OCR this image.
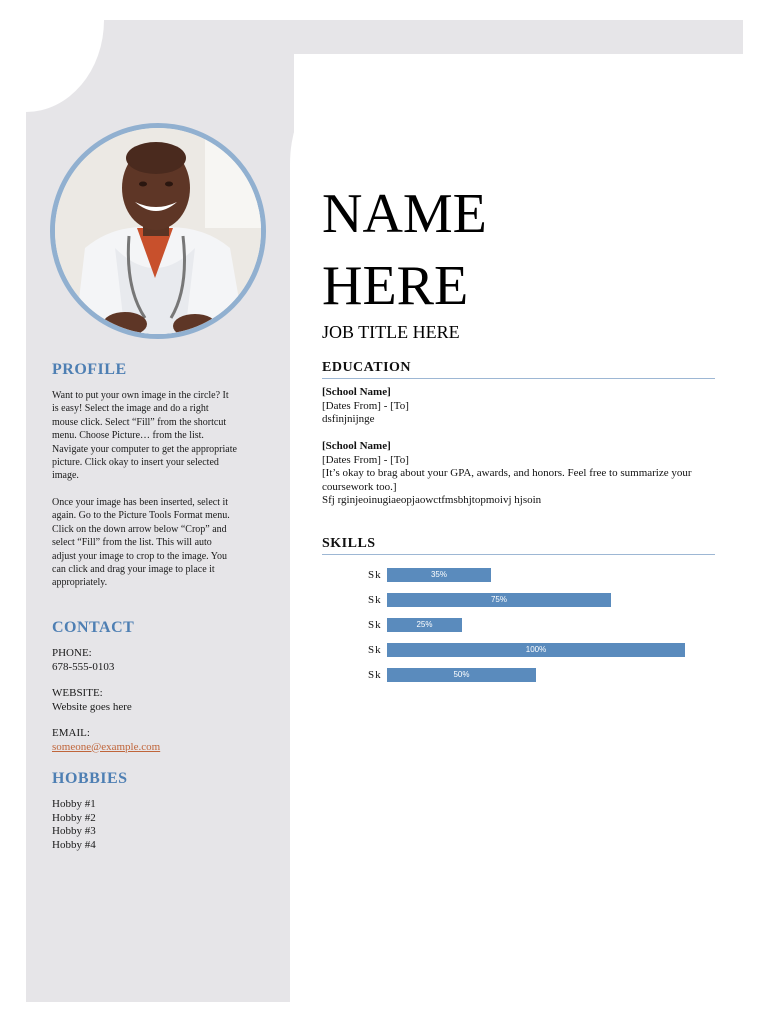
PROFILE
Want to put your own image in the circle? It
is easy! Select the image and do a right
mouse click. Select “Fill” from the shortcut
menu. Choose Picture… from the list.
Navigate your computer to get the appropriate
picture. Click okay to insert your selected
image.
Once your image has been inserted, select it
again. Go to the Picture Tools Format menu.
Click on the down arrow below “Crop” and
select “Fill” from the list. This will auto
adjust your image to crop to the image. You
can click and drag your image to place it
appropriately.
CONTACT
PHONE:
678-555-0103
WEBSITE:
Website goes here
EMAIL:
someone@example.com
HOBBIES
Hobby #1
Hobby #2
Hobby #3
Hobby #4
NAME
HERE
JOB TITLE HERE
EDUCATION
[School Name]
[Dates From] - [To]
dsfinjnijnge
[School Name]
[Dates From] - [To]
[It’s okay to brag about your GPA, awards, and honors. Feel free to summarize your
coursework too.]
Sfj rginjeoinugiaeopjaowctfmsbhjtopmoivj hjsoin
SKILLS
Sk	35%
Sk	75%
Sk	25%
Sk	100%
Sk	50%
